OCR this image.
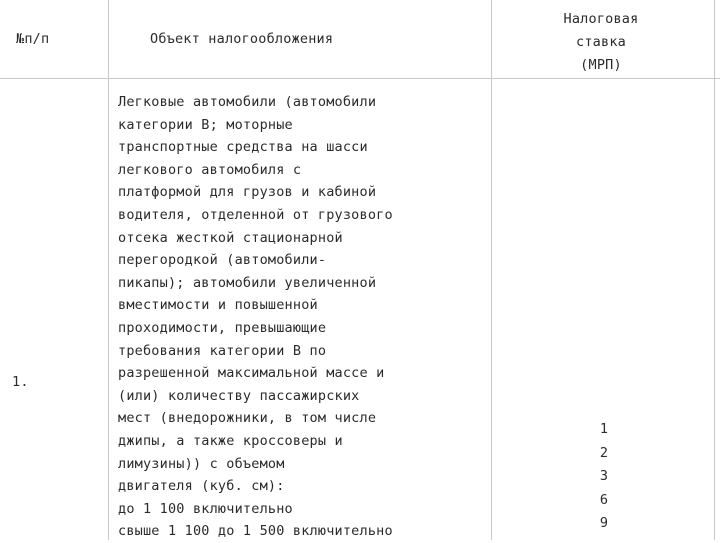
№п/п	Объект налогообложения
Налоговая
ставка
(МРП)
1.
Легковые автомобили (автомобили
категории В; моторные
транспортные средства на шасси
легкового автомобиля с
платформой для грузов и кабиной
водителя, отделенной от грузового
отсека жесткой стационарной
перегородкой (автомобили-
пикапы); автомобили увеличенной
вместимости и повышенной
проходимости, превышающие
требования категории В по
разрешенной максимальной массе и
(или) количеству пассажирских
мест (внедорожники, в том числе
джипы, а также кроссоверы и
лимузины)) с объемом
двигателя (куб. см):
до 1 100 включительно
свыше 1 100 до 1 500 включительно
1
2
3
6
9
